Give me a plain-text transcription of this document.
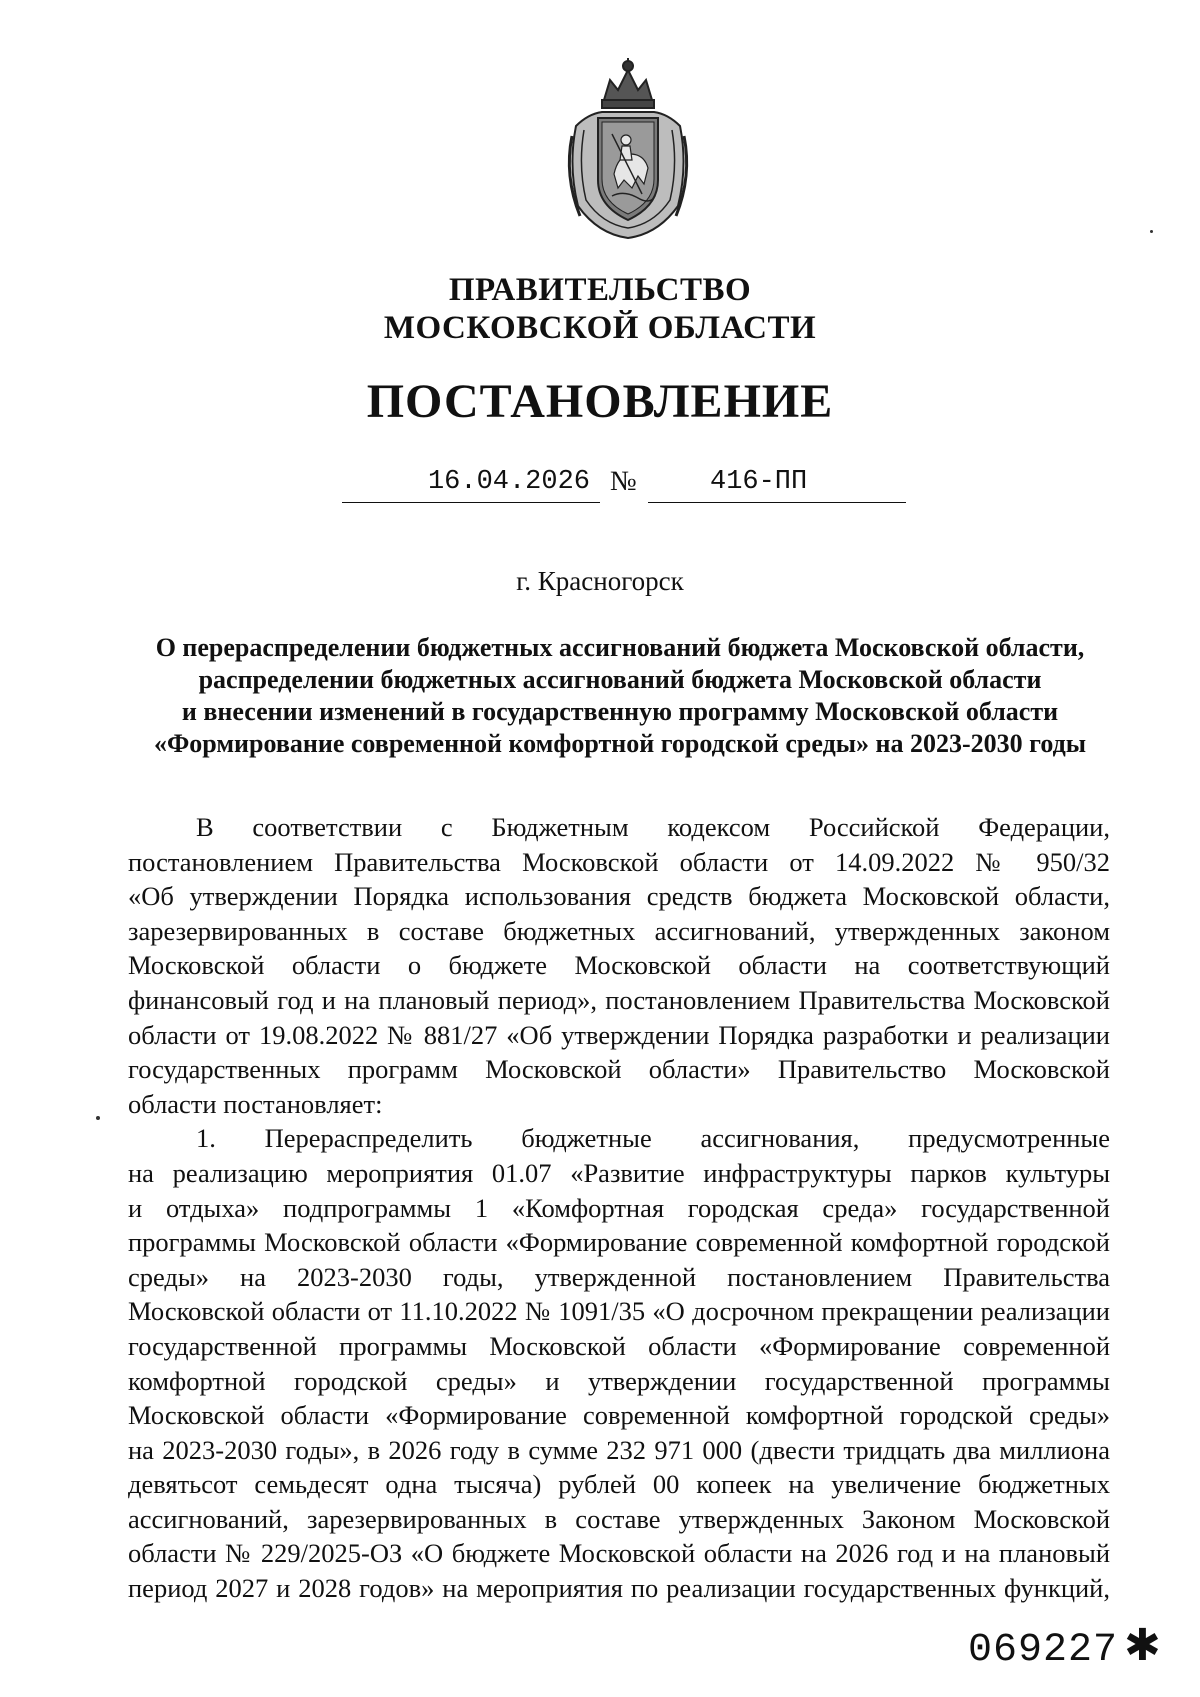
ПРАВИТЕЛЬСТВО
МОСКОВСКОЙ ОБЛАСТИ
ПОСТАНОВЛЕНИЕ
16.04.2026 №	416-ПП
г. Красногорск
О перераспределении бюджетных ассигнований бюджета Московской области,
распределении бюджетных ассигнований бюджета Московской области
и внесении изменений в государственную программу Московской области
«Формирование современной комфортной городской среды» на 2023-2030 годы
В соответствии с Бюджетным кодексом Российской Федерации,
постановлением Правительства Московской области от 14.09.2022 № 950/32
«Об утверждении Порядка использования средств бюджета Московской области,
зарезервированных в составе бюджетных ассигнований, утвержденных законом
Московской области о бюджете Московской области на соответствующий
финансовый год и на плановый период», постановлением Правительства Московской
области от 19.08.2022 № 881/27 «Об утверждении Порядка разработки и реализации
государственных программ Московской области» Правительство Московской
области постановляет:
1. Перераспределить бюджетные ассигнования, предусмотренные
на реализацию мероприятия 01.07 «Развитие инфраструктуры парков культуры
и отдыха» подпрограммы 1 «Комфортная городская среда» государственной
программы Московской области «Формирование современной комфортной городской
среды» на 2023-2030 годы, утвержденной постановлением Правительства
Московской области от 11.10.2022 № 1091/35 «О досрочном прекращении реализации
государственной программы Московской области «Формирование современной
комфортной городской среды» и утверждении государственной программы
Московской области «Формирование современной комфортной городской среды»
на 2023-2030 годы», в 2026 году в сумме 232 971 000 (двести тридцать два миллиона
девятьсот семьдесят одна тысяча) рублей 00 копеек на увеличение бюджетных
ассигнований, зарезервированных в составе утвержденных Законом Московской
области № 229/2025-ОЗ «О бюджете Московской области на 2026 год и на плановый
период 2027 и 2028 годов» на мероприятия по реализации государственных функций,
069227 ✱
